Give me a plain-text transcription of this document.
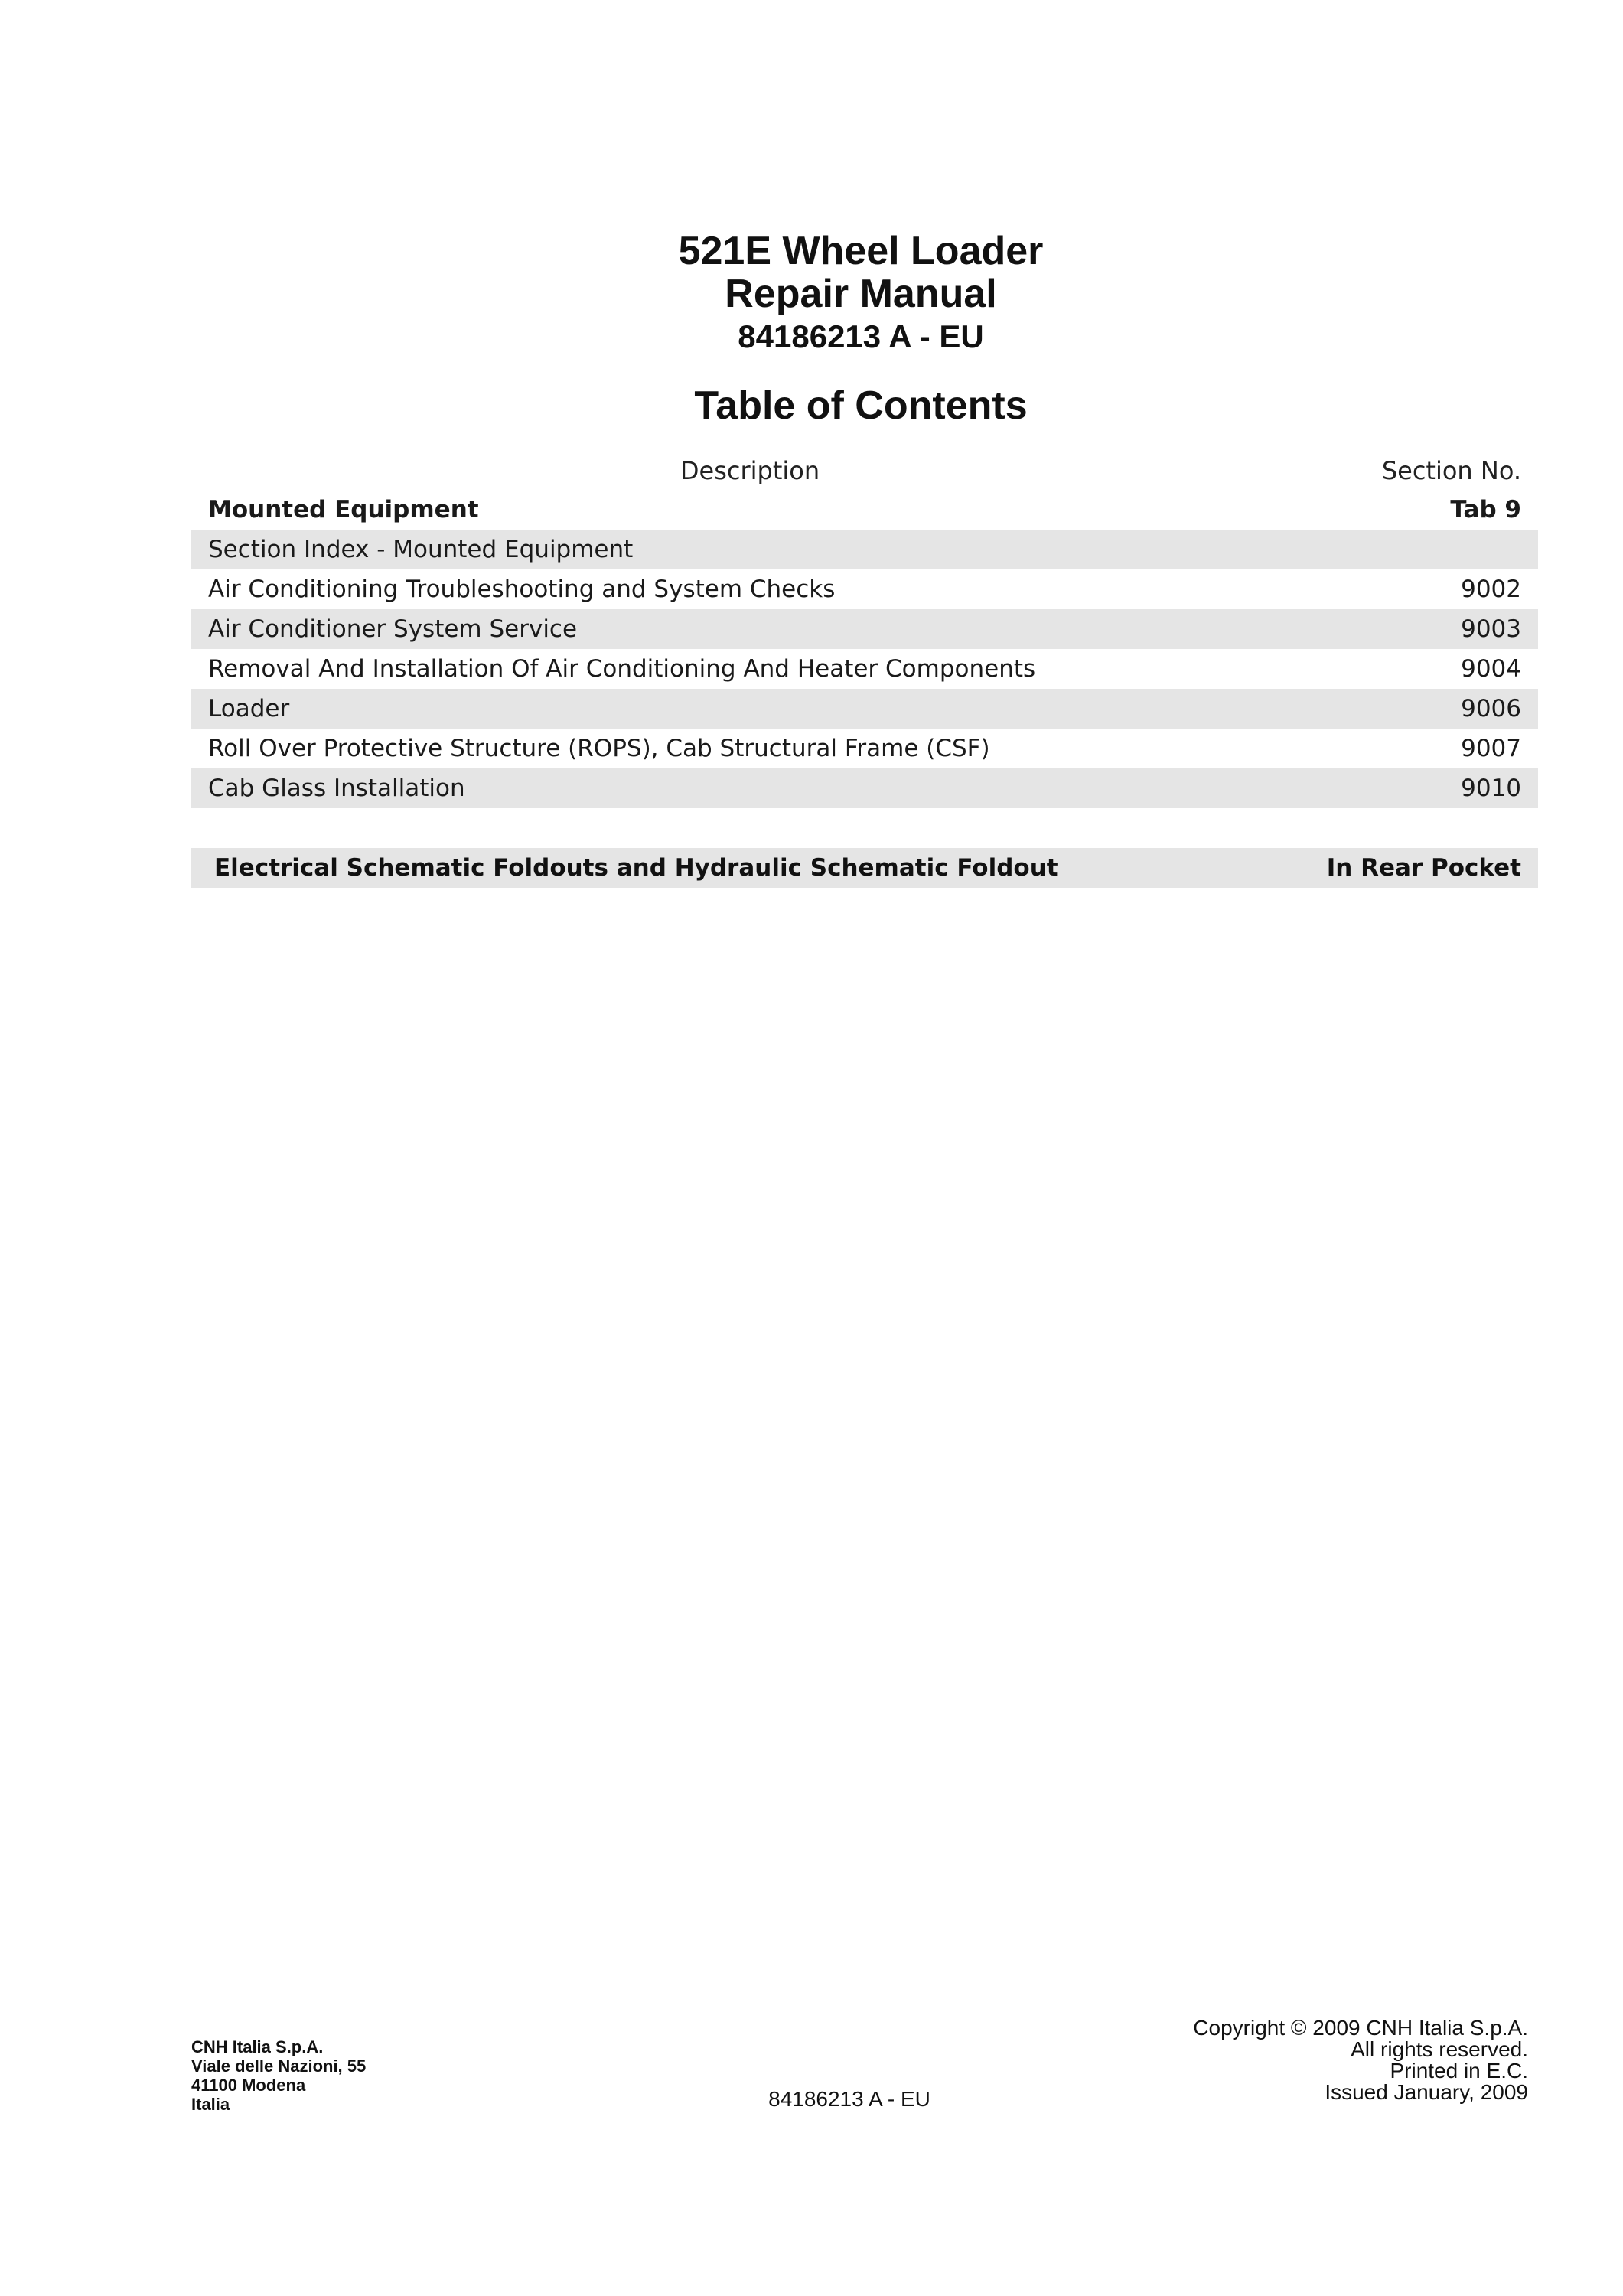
521E Wheel Loader
Repair Manual
84186213 A - EU
Table of Contents
Description	Section No.
Mounted Equipment	Tab 9
Section Index - Mounted Equipment
Air Conditioning Troubleshooting and System Checks	9002
Air Conditioner System Service	9003
Removal And Installation Of Air Conditioning And Heater Components	9004
Loader	9006
Roll Over Protective Structure (ROPS), Cab Structural Frame (CSF)	9007
Cab Glass Installation	9010
Electrical Schematic Foldouts and Hydraulic Schematic Foldout	In Rear Pocket
CNH Italia S.p.A.
Viale delle Nazioni, 55
41100 Modena
Italia	84186213 A - EU
Copyright © 2009 CNH Italia S.p.A.
All rights reserved.
Printed in E.C.
Issued January, 2009
